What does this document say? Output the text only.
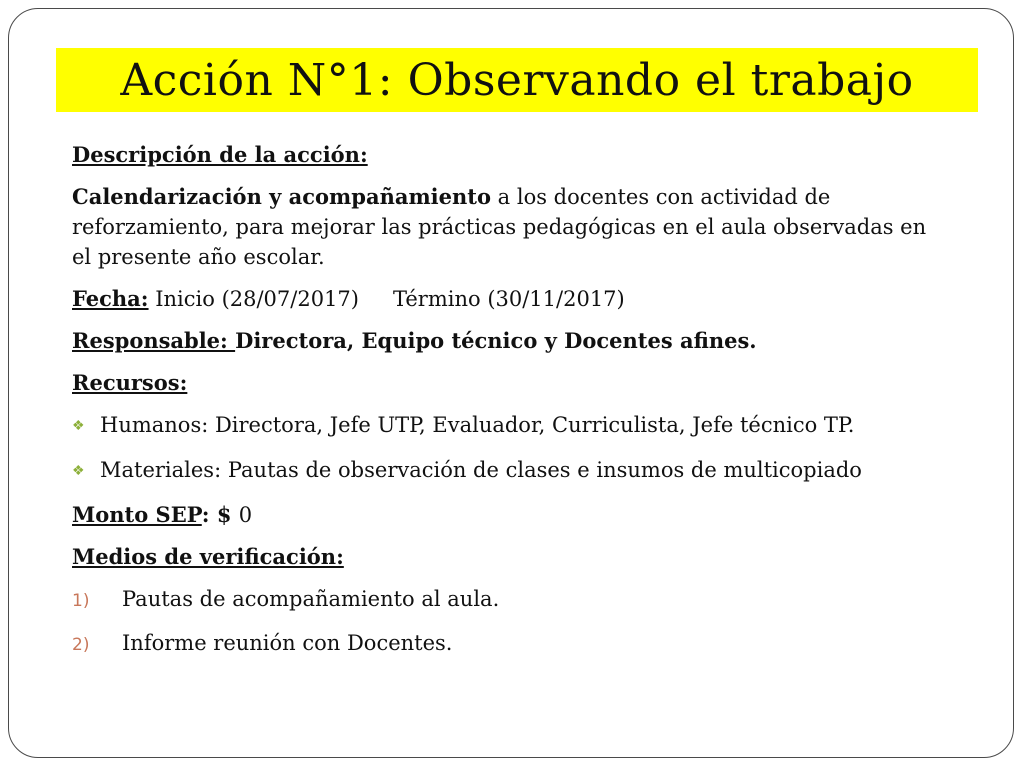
Acción N°1: Observando el trabajo
Descripción de la acción:
Calendarización y acompañamiento a los docentes con actividad de reforzamiento, para mejorar las prácticas pedagógicas en el aula observadas en el presente año escolar.
Fecha: Inicio (28/07/2017) Término (30/11/2017)
Responsable: Directora, Equipo técnico y Docentes afines.
Recursos:
❖ Humanos: Directora, Jefe UTP, Evaluador, Curriculista, Jefe técnico TP.
❖ Materiales: Pautas de observación de clases e insumos de multicopiado
Monto SEP: $ 0
Medios de verificación:
1)	Pautas de acompañamiento al aula.
2)	Informe reunión con Docentes.
